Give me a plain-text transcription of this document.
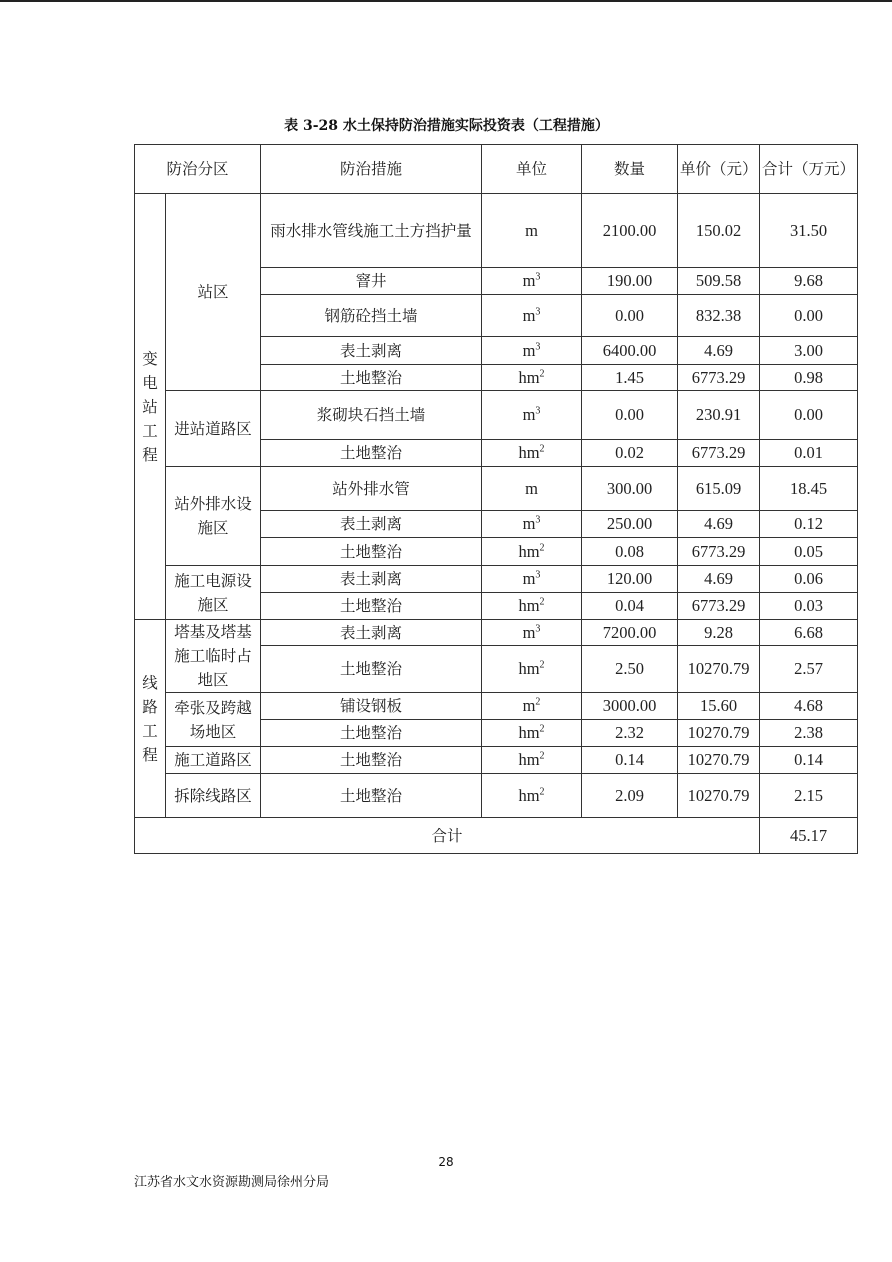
表 3-28 水土保持防治措施实际投资表（工程措施）
防治分区		防治措施	单位	数量	单价（元）	合计（万元）
变电站工程	站区	雨水排水管线施工土方挡护量	m	2100.00	150.02	31.50
		窨井	$m^3$	190.00	509.58	9.68
		钢筋砼挡土墙	$m^3$	0.00	832.38	0.00
		表土剥离	$m^3$	6400.00	4.69	3.00
		土地整治	$hm^2$	1.45	6773.29	0.98
	进站道路区	浆砌块石挡土墙	$m^3$	0.00	230.91	0.00
		土地整治	$hm^2$	0.02	6773.29	0.01
	站外排水设施区	站外排水管	m	300.00	615.09	18.45
		表土剥离	$m^3$	250.00	4.69	0.12
		土地整治	$hm^2$	0.08	6773.29	0.05
	施工电源设施区	表土剥离	$m^3$	120.00	4.69	0.06
		土地整治	$hm^2$	0.04	6773.29	0.03
线路工程	塔基及塔基施工临时占地区	表土剥离	$m^3$	7200.00	9.28	6.68
		土地整治	$hm^2$	2.50	10270.79	2.57
	牵张及跨越场地区	铺设钢板	$m^2$	3000.00	15.60	4.68
		土地整治	$hm^2$	2.32	10270.79	2.38
	施工道路区	土地整治	$hm^2$	0.14	10270.79	0.14
	拆除线路区	土地整治	$hm^2$	2.09	10270.79	2.15
合计						45.17
28
江苏省水文水资源勘测局徐州分局
